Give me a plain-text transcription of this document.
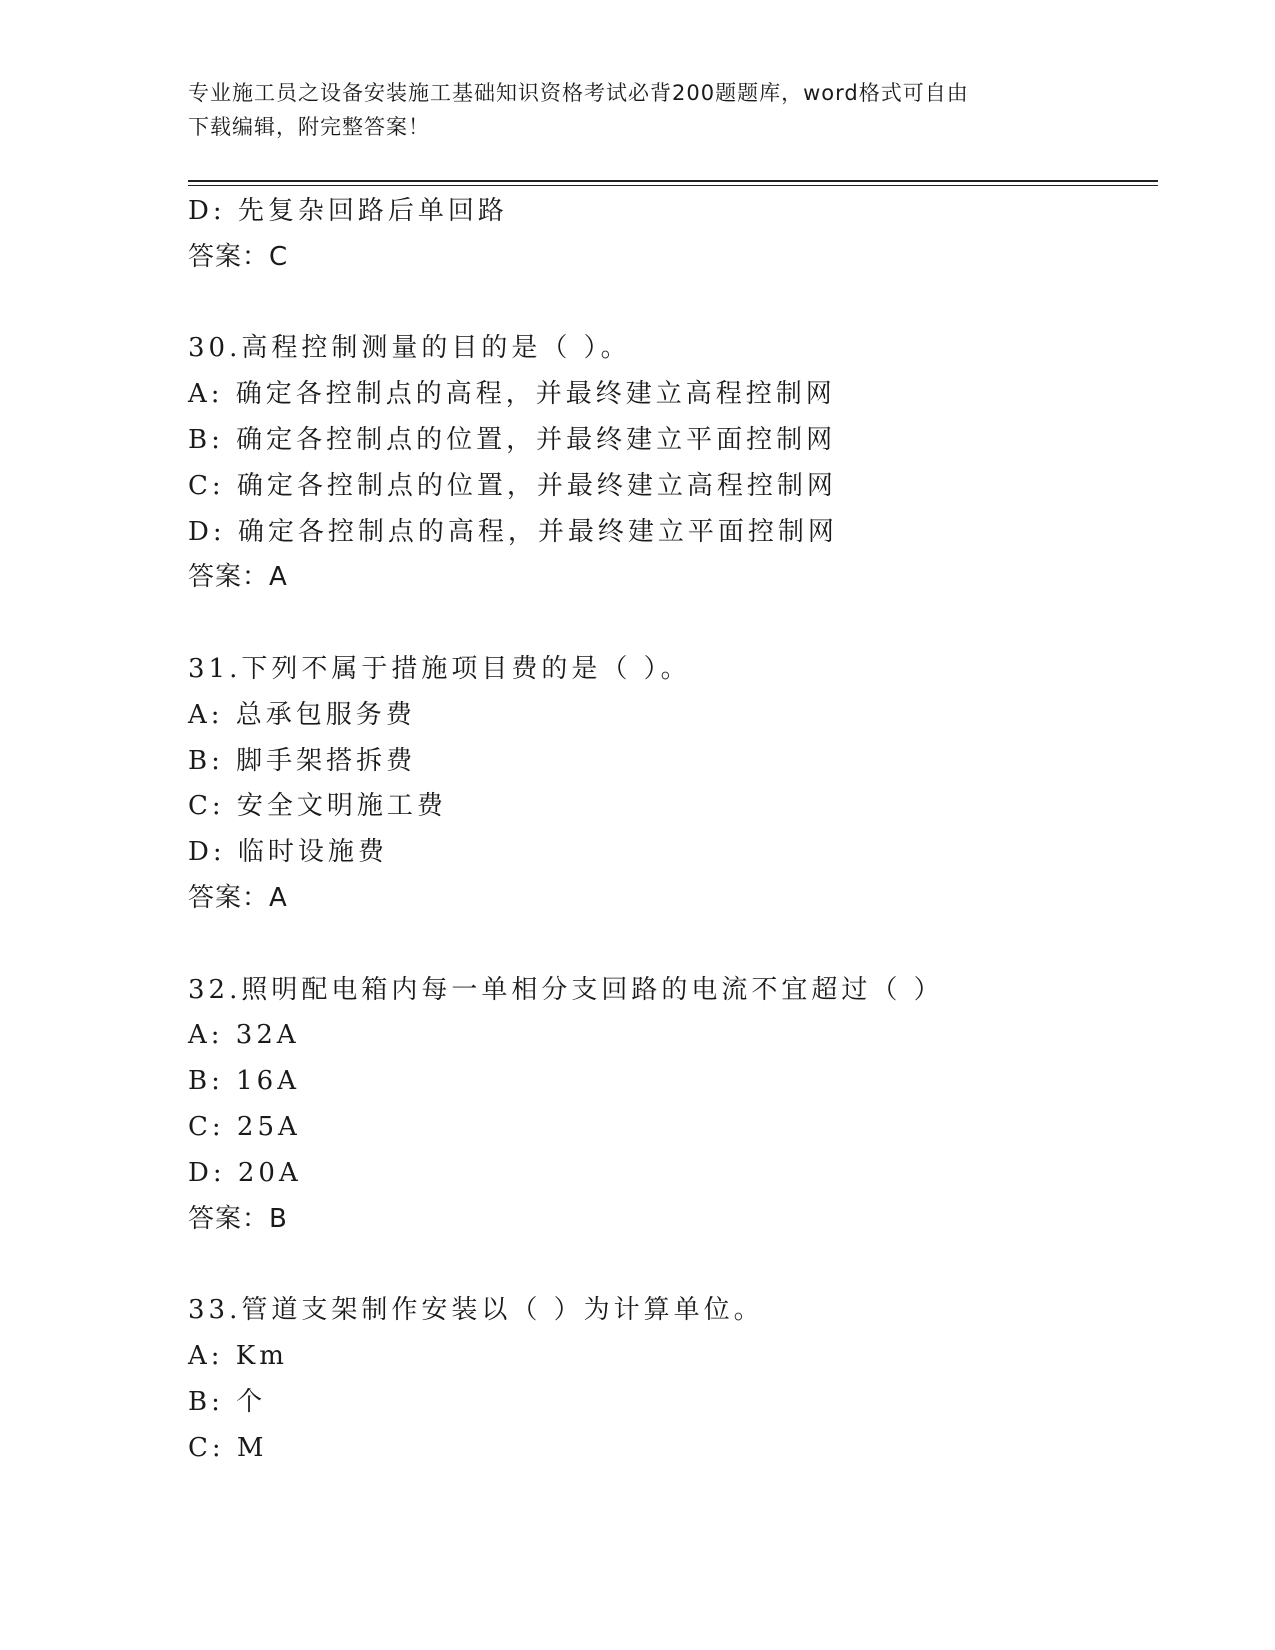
专业施工员之设备安装施工基础知识资格考试必背200题题库，word格式可自由
下载编辑，附完整答案！
D: 先复杂回路后单回路
答案：C
30.高程控制测量的目的是（ ）。
A: 确定各控制点的高程，并最终建立高程控制网
B: 确定各控制点的位置，并最终建立平面控制网
C: 确定各控制点的位置，并最终建立高程控制网
D: 确定各控制点的高程，并最终建立平面控制网
答案：A
31.下列不属于措施项目费的是（ ）。
A: 总承包服务费
B: 脚手架搭拆费
C: 安全文明施工费
D: 临时设施费
答案：A
32.照明配电箱内每一单相分支回路的电流不宜超过（ ）
A: 32A
B: 16A
C: 25A
D: 20A
答案：B
33.管道支架制作安装以（ ）为计算单位。
A: Km
B: 个
C: M
